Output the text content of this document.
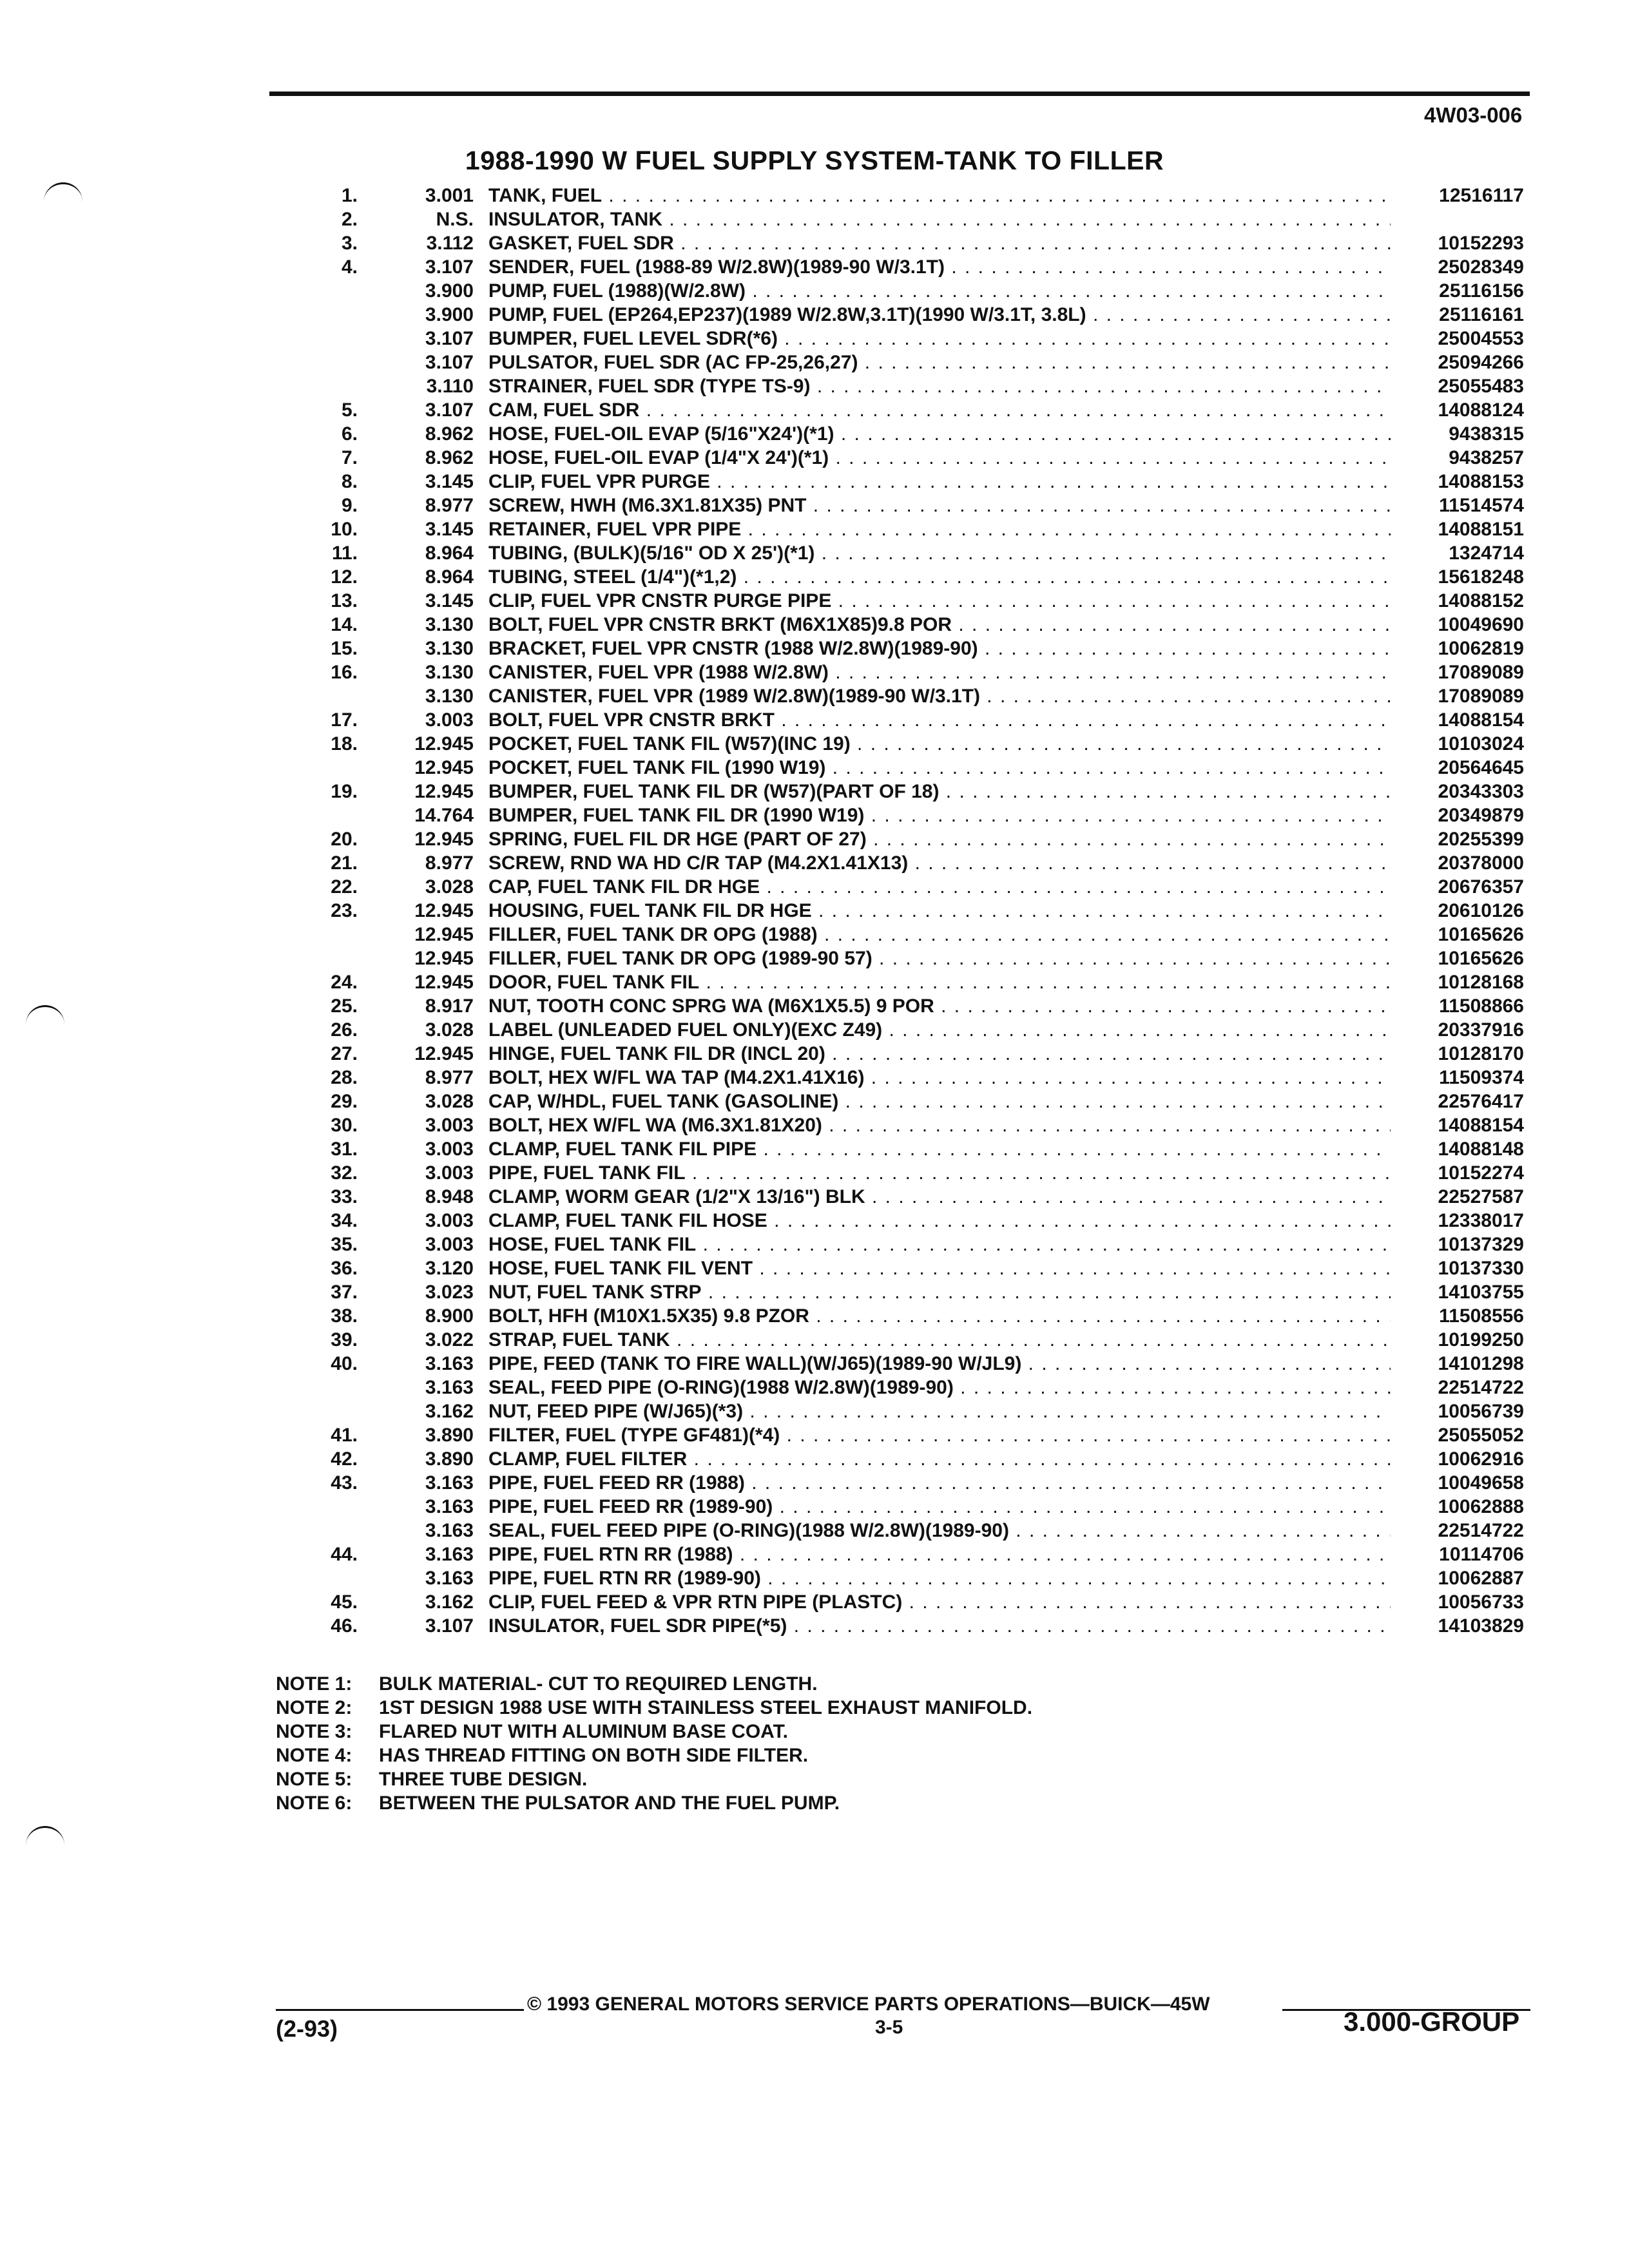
4W03-006
1988-1990 W FUEL SUPPLY SYSTEM-TANK TO FILLER
1.	3.001 TANK, FUEL . . .	12516117
2.	N.S. INSULATOR, TANK . . .
3.	3.112 GASKET, FUEL SDR . . .	10152293
4.	3.107 SENDER, FUEL (1988-89 W/2.8W)(1989-90 W/3.1T) . . .	25028349
3.900 PUMP, FUEL (1988)(W/2.8W) . . .	25116156
3.900 PUMP, FUEL (EP264,EP237)(1989 W/2.8W,3.1T)(1990 W/3.1T, 3.8L) . . .	25116161
3.107 BUMPER, FUEL LEVEL SDR(*6) . . .	25004553
3.107 PULSATOR, FUEL SDR (AC FP-25,26,27) . . .	25094266
3.110 STRAINER, FUEL SDR (TYPE TS-9) . . .	25055483
5.	3.107 CAM, FUEL SDR . . .	14088124
6.	8.962 HOSE, FUEL-OIL EVAP (5/16"X24')(*1) . . .	9438315
7.	8.962 HOSE, FUEL-OIL EVAP (1/4"X 24')(*1) . . .	9438257
8.	3.145 CLIP, FUEL VPR PURGE . . .	14088153
9.	8.977 SCREW, HWH (M6.3X1.81X35) PNT . . .	11514574
10.	3.145 RETAINER, FUEL VPR PIPE . . .	14088151
11.	8.964 TUBING, (BULK)(5/16" OD X 25')(*1) . . .	1324714
12.	8.964 TUBING, STEEL (1/4")(*1,2) . . .	15618248
13.	3.145 CLIP, FUEL VPR CNSTR PURGE PIPE . . .	14088152
14.	3.130 BOLT, FUEL VPR CNSTR BRKT (M6X1X85)9.8 POR . . .	10049690
15.	3.130 BRACKET, FUEL VPR CNSTR (1988 W/2.8W)(1989-90) . . .	10062819
16.	3.130 CANISTER, FUEL VPR (1988 W/2.8W) . . .	17089089
3.130 CANISTER, FUEL VPR (1989 W/2.8W)(1989-90 W/3.1T) . . .	17089089
17.	3.003 BOLT, FUEL VPR CNSTR BRKT . . .	14088154
18.	12.945 POCKET, FUEL TANK FIL (W57)(INC 19) . . .	10103024
12.945 POCKET, FUEL TANK FIL (1990 W19) . . .	20564645
19.	12.945 BUMPER, FUEL TANK FIL DR (W57)(PART OF 18) . . .	20343303
14.764 BUMPER, FUEL TANK FIL DR (1990 W19) . . .	20349879
20.	12.945 SPRING, FUEL FIL DR HGE (PART OF 27) . . .	20255399
21.	8.977 SCREW, RND WA HD C/R TAP (M4.2X1.41X13) . . .	20378000
22.	3.028 CAP, FUEL TANK FIL DR HGE . . .	20676357
23.	12.945 HOUSING, FUEL TANK FIL DR HGE . . .	20610126
12.945 FILLER, FUEL TANK DR OPG (1988) . . .	10165626
12.945 FILLER, FUEL TANK DR OPG (1989-90 57) . . .	10165626
24.	12.945 DOOR, FUEL TANK FIL . . .	10128168
25.	8.917 NUT, TOOTH CONC SPRG WA (M6X1X5.5) 9 POR . . .	11508866
26.	3.028 LABEL (UNLEADED FUEL ONLY)(EXC Z49) . . .	20337916
27.	12.945 HINGE, FUEL TANK FIL DR (INCL 20) . . .	10128170
28.	8.977 BOLT, HEX W/FL WA TAP (M4.2X1.41X16) . . .	11509374
29.	3.028 CAP, W/HDL, FUEL TANK (GASOLINE) . . .	22576417
30.	3.003 BOLT, HEX W/FL WA (M6.3X1.81X20) . . .	14088154
31.	3.003 CLAMP, FUEL TANK FIL PIPE . . .	14088148
32.	3.003 PIPE, FUEL TANK FIL . . .	10152274
33.	8.948 CLAMP, WORM GEAR (1/2"X 13/16") BLK . . .	22527587
34.	3.003 CLAMP, FUEL TANK FIL HOSE . . .	12338017
35.	3.003 HOSE, FUEL TANK FIL . . .	10137329
36.	3.120 HOSE, FUEL TANK FIL VENT . . .	10137330
37.	3.023 NUT, FUEL TANK STRP . . .	14103755
38.	8.900 BOLT, HFH (M10X1.5X35) 9.8 PZOR . . .	11508556
39.	3.022 STRAP, FUEL TANK . . .	10199250
40.	3.163 PIPE, FEED (TANK TO FIRE WALL)(W/J65)(1989-90 W/JL9) . . .	14101298
3.163 SEAL, FEED PIPE (O-RING)(1988 W/2.8W)(1989-90) . . .	22514722
3.162 NUT, FEED PIPE (W/J65)(*3) . . .	10056739
41.	3.890 FILTER, FUEL (TYPE GF481)(*4) . . .	25055052
42.	3.890 CLAMP, FUEL FILTER . . .	10062916
43.	3.163 PIPE, FUEL FEED RR (1988) . . .	10049658
3.163 PIPE, FUEL FEED RR (1989-90) . . .	10062888
3.163 SEAL, FUEL FEED PIPE (O-RING)(1988 W/2.8W)(1989-90) . . .	22514722
44.	3.163 PIPE, FUEL RTN RR (1988) . . .	10114706
3.163 PIPE, FUEL RTN RR (1989-90) . . .	10062887
45.	3.162 CLIP, FUEL FEED & VPR RTN PIPE (PLASTC) . . .	10056733
46.	3.107 INSULATOR, FUEL SDR PIPE(*5) . . .	14103829
NOTE 1: BULK MATERIAL- CUT TO REQUIRED LENGTH.
NOTE 2: 1ST DESIGN 1988 USE WITH STAINLESS STEEL EXHAUST MANIFOLD.
NOTE 3: FLARED NUT WITH ALUMINUM BASE COAT.
NOTE 4: HAS THREAD FITTING ON BOTH SIDE FILTER.
NOTE 5: THREE TUBE DESIGN.
NOTE 6: BETWEEN THE PULSATOR AND THE FUEL PUMP.
© 1993 GENERAL MOTORS SERVICE PARTS OPERATIONS—BUICK—45W
(2-93)	3-5	3.000-GROUP
